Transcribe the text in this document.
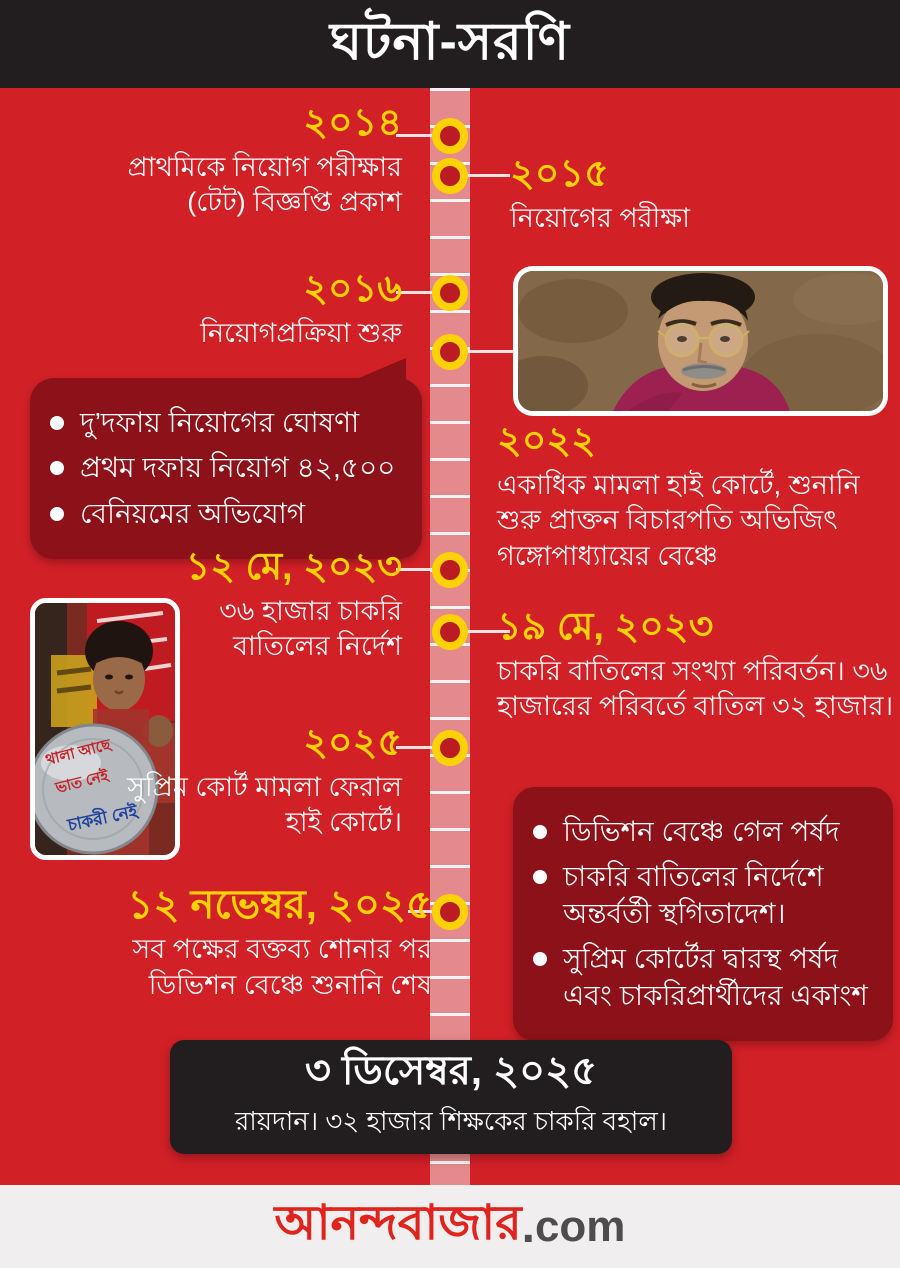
ঘটনা-সরণি
২০১৪
প্রাথমিকে নিয়োগ পরীক্ষার (টেট) বিজ্ঞপ্তি প্রকাশ
২০১৫
নিয়োগের পরীক্ষা
২০১৬
নিয়োগপ্রক্রিয়া শুরু
দু’দফায় নিয়োগের ঘোষণা
প্রথম দফায় নিয়োগ ৪২,৫০০
বেনিয়মের অভিযোগ
২০২২
একাধিক মামলা হাই কোর্টে, শুনানি শুরু প্রাক্তন বিচারপতি অভিজিৎ গঙ্গোপাধ্যায়ের বেঞ্চে
১২ মে, ২০২৩
৩৬ হাজার চাকরি বাতিলের নির্দেশ
থালা আছে
ভাত নেই
চাকরী নেই
১৯ মে, ২০২৩
চাকরি বাতিলের সংখ্যা পরিবর্তন। ৩৬ হাজারের পরিবর্তে বাতিল ৩২ হাজার।
২০২৫
সুপ্রিম কোর্ট মামলা ফেরাল হাই কোর্টে।	ডিভিশন বেঞ্চে গেল পর্ষদ
চাকরি বাতিলের নির্দেশে অন্তর্বর্তী স্থগিতাদেশ।
সুপ্রিম কোর্টের দ্বারস্থ পর্ষদ এবং চাকরিপ্রার্থীদের একাংশ
১২ নভেম্বর, ২০২৫
সব পক্ষের বক্তব্য শোনার পর ডিভিশন বেঞ্চে শুনানি শেষ
৩ ডিসেম্বর, ২০২৫
রায়দান। ৩২ হাজার শিক্ষকের চাকরি বহাল।
আনন্দবাজার . com
